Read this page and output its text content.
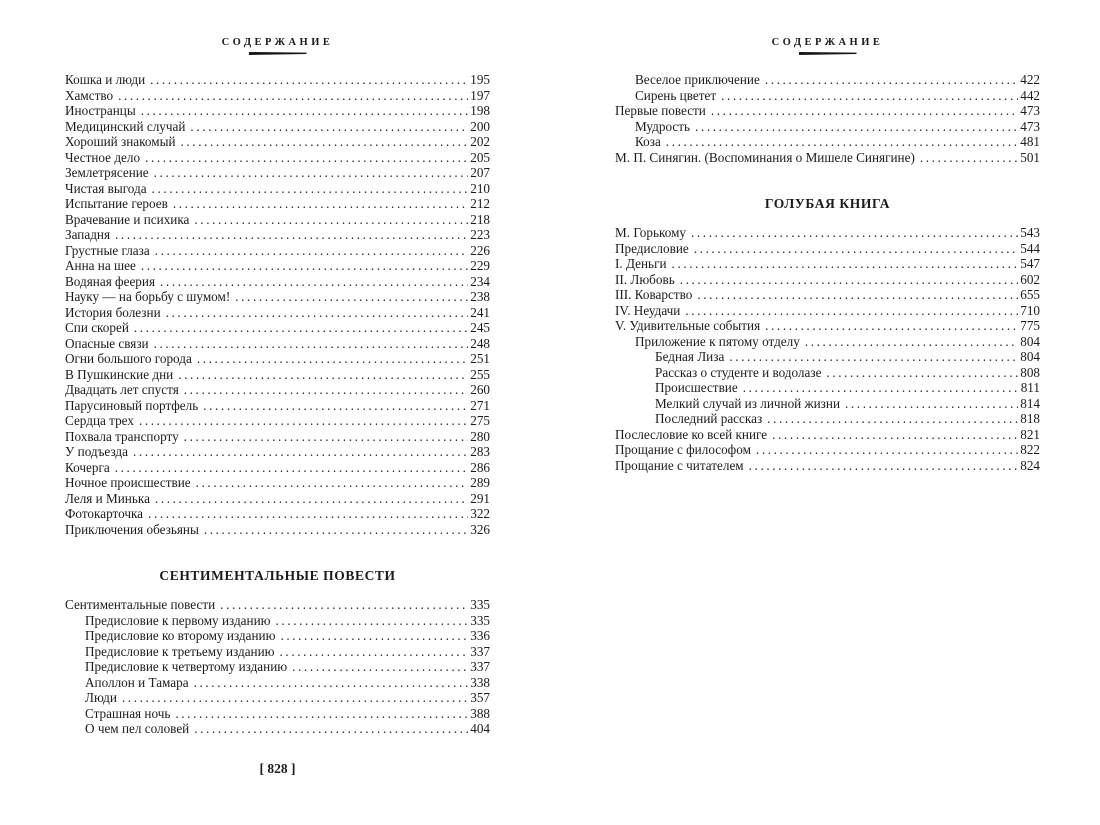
СОДЕРЖАНИЕ
Кошка и люди .....	195
Хамство .....	197
Иностранцы .....	198
Медицинский случай .....	200
Хороший знакомый .....	202
Честное дело .....	205
Землетрясение .....	207
Чистая выгода .....	210
Испытание героев .....	212
Врачевание и психика .....	218
Западня .....	223
Грустные глаза .....	226
Анна на шее .....	229
Водяная феерия .....	234
Науку — на борьбу с шумом! .....	238
История болезни .....	241
Спи скорей .....	245
Опасные связи .....	248
Огни большого города .....	251
В Пушкинские дни .....	255
Двадцать лет спустя .....	260
Парусиновый портфель .....	271
Сердца трех .....	275
Похвала транспорту .....	280
У подъезда .....	283
Кочерга .....	286
Ночное происшествие .....	289
Леля и Минька .....	291
Фотокарточка .....	322
Приключения обезьяны .....	326
СЕНТИМЕНТАЛЬНЫЕ ПОВЕСТИ
Сентиментальные повести .....	335
Предисловие к первому изданию .....	335
Предисловие ко второму изданию .....	336
Предисловие к третьему изданию .....	337
Предисловие к четвертому изданию .....	337
Аполлон и Тамара .....	338
Люди .....	357
Страшная ночь .....	388
О чем пел соловей .....	404
[ 828 ]
СОДЕРЖАНИЕ
Веселое приключение .....	422
Сирень цветет .....	442
Первые повести .....	473
Мудрость .....	473
Коза .....	481
М. П. Синягин. (Воспоминания о Мишеле Синягине) .....	501
ГОЛУБАЯ КНИГА
М. Горькому .....	543
Предисловие .....	544
I. Деньги .....	547
II. Любовь .....	602
III. Коварство .....	655
IV. Неудачи .....	710
V. Удивительные события .....	775
Приложение к пятому отделу .....	804
Бедная Лиза .....	804
Рассказ о студенте и водолазе .....	808
Происшествие .....	811
Мелкий случай из личной жизни .....	814
Последний рассказ .....	818
Послесловие ко всей книге .....	821
Прощание с философом .....	822
Прощание с читателем .....	824
